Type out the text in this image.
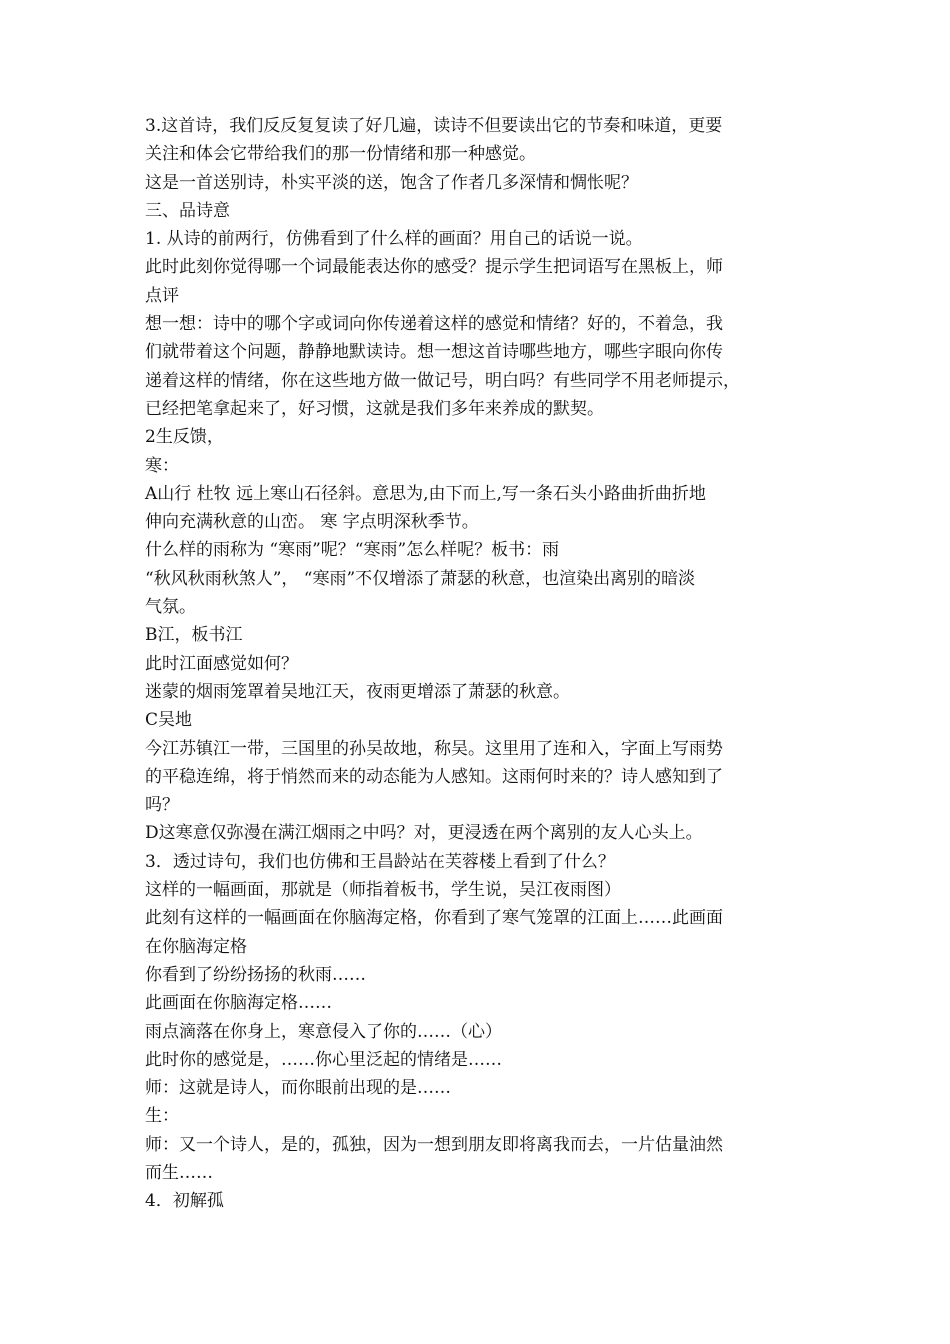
3.这首诗，我们反反复复读了好几遍，读诗不但要读出它的节奏和味道，更要
关注和体会它带给我们的那一份情绪和那一种感觉。
这是一首送别诗，朴实平淡的送，饱含了作者几多深情和惆怅呢？
三、品诗意
1. 从诗的前两行，仿佛看到了什么样的画面？用自己的话说一说。
此时此刻你觉得哪一个词最能表达你的感受？提示学生把词语写在黑板上，师
点评
想一想：诗中的哪个字或词向你传递着这样的感觉和情绪？好的，不着急，我
们就带着这个问题，静静地默读诗。想一想这首诗哪些地方，哪些字眼向你传
递着这样的情绪，你在这些地方做一做记号，明白吗？有些同学不用老师提示，
已经把笔拿起来了，好习惯，这就是我们多年来养成的默契。
2生反馈，
寒：
A山行 杜牧 远上寒山石径斜。意思为,由下而上,写一条石头小路曲折曲折地
伸向充满秋意的山峦。 寒 字点明深秋季节。
什么样的雨称为 “寒雨”呢？“寒雨”怎么样呢？板书：雨
“秋风秋雨秋煞人”， “寒雨”不仅增添了萧瑟的秋意，也渲染出离别的暗淡
气氛。
B江，板书江
此时江面感觉如何？
迷蒙的烟雨笼罩着吴地江天，夜雨更增添了萧瑟的秋意。
C吴地
今江苏镇江一带，三国里的孙吴故地，称吴。这里用了连和入，字面上写雨势
的平稳连绵，将于悄然而来的动态能为人感知。这雨何时来的？诗人感知到了
吗？
D这寒意仅弥漫在满江烟雨之中吗？对，更浸透在两个离别的友人心头上。
3．透过诗句，我们也仿佛和王昌龄站在芙蓉楼上看到了什么？
这样的一幅画面，那就是（师指着板书，学生说，吴江夜雨图）
此刻有这样的一幅画面在你脑海定格，你看到了寒气笼罩的江面上……此画面
在你脑海定格
你看到了纷纷扬扬的秋雨……
此画面在你脑海定格……
雨点滴落在你身上，寒意侵入了你的……（心）
此时你的感觉是，……你心里泛起的情绪是……
师：这就是诗人，而你眼前出现的是……
生：
师：又一个诗人，是的，孤独，因为一想到朋友即将离我而去，一片估量油然
而生……
4．初解孤
